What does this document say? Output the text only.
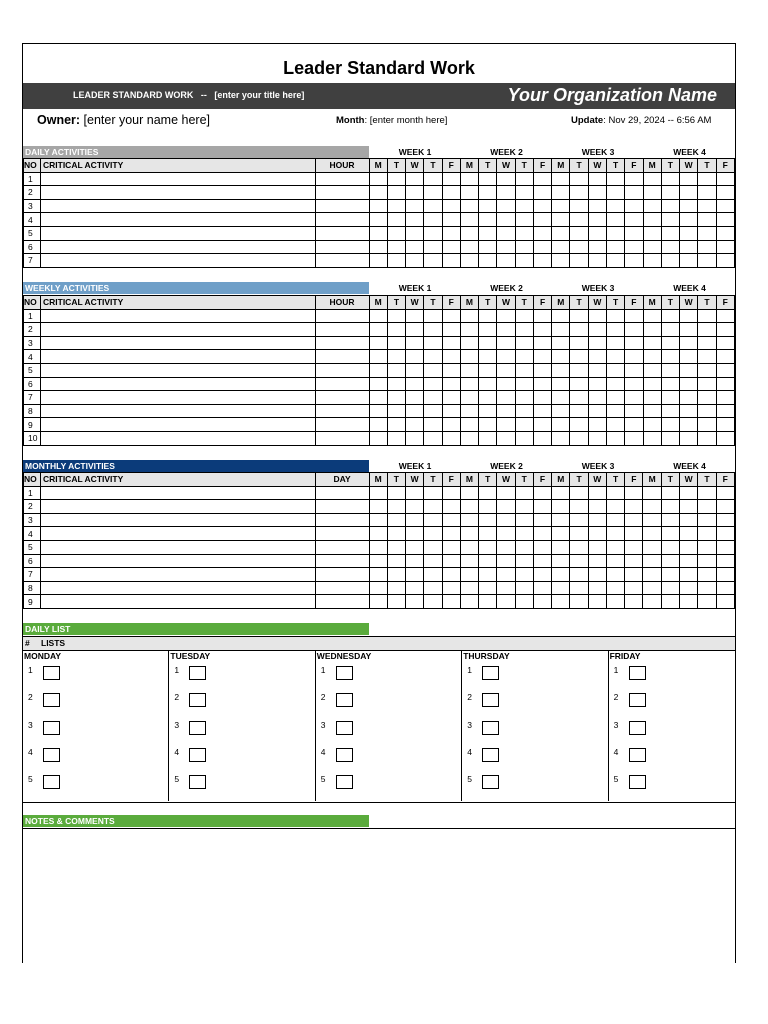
Leader Standard Work
LEADER STANDARD WORK -- [enter your title here]	Your Organization Name
Owner: [enter your name here]	Month: [enter month here]	Update: Nov 29, 2024 -- 6:56 AM
DAILY ACTIVITIES	WEEK 1	WEEK 2	WEEK 3	WEEK 4
NO	CRITICAL ACTIVITY	HOUR	M	T	W	T	F	M	T	W	T	F	M	T	W	T	F	M	T	W	T	F
1																						
2																						
3																						
4																						
5																						
6																						
7																						
WEEKLY ACTIVITIES	WEEK 1	WEEK 2	WEEK 3	WEEK 4
NO	CRITICAL ACTIVITY	HOUR	M	T	W	T	F	M	T	W	T	F	M	T	W	T	F	M	T	W	T	F
1																						
2																						
3																						
4																						
5																						
6																						
7																						
8																						
9																						
10																						
MONTHLY ACTIVITIES	WEEK 1	WEEK 2	WEEK 3	WEEK 4
NO	CRITICAL ACTIVITY	DAY	M	T	W	T	F	M	T	W	T	F	M	T	W	T	F	M	T	W	T	F
1																						
2																						
3																						
4																						
5																						
6																						
7																						
8																						
9																						
DAILY LIST
# LISTS
MONDAY
1
2
3
4
5
TUESDAY
1
2
3
4
5
WEDNESDAY
1
2
3
4
5
THURSDAY
1
2
3
4
5
FRIDAY
1
2
3
4
5
NOTES & COMMENTS
